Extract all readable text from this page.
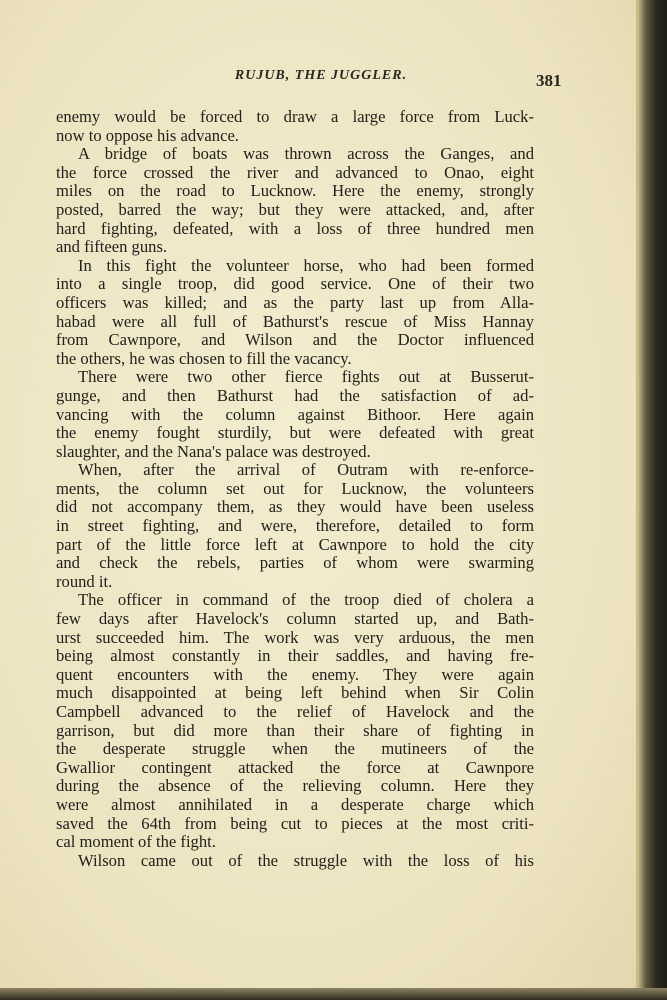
RUJUB, THE JUGGLER.	381
enemy would be forced to draw a large force from Luck-
now to oppose his advance.
A bridge of boats was thrown across the Ganges, and
the force crossed the river and advanced to Onao, eight
miles on the road to Lucknow. Here the enemy, strongly
posted, barred the way; but they were attacked, and, after
hard fighting, defeated, with a loss of three hundred men
and fifteen guns.
In this fight the volunteer horse, who had been formed
into a single troop, did good service. One of their two
officers was killed; and as the party last up from Alla-
habad were all full of Bathurst's rescue of Miss Hannay
from Cawnpore, and Wilson and the Doctor influenced
the others, he was chosen to fill the vacancy.
There were two other fierce fights out at Busserut-
gunge, and then Bathurst had the satisfaction of ad-
vancing with the column against Bithoor. Here again
the enemy fought sturdily, but were defeated with great
slaughter, and the Nana's palace was destroyed.
When, after the arrival of Outram with re-enforce-
ments, the column set out for Lucknow, the volunteers
did not accompany them, as they would have been useless
in street fighting, and were, therefore, detailed to form
part of the little force left at Cawnpore to hold the city
and check the rebels, parties of whom were swarming
round it.
The officer in command of the troop died of cholera a
few days after Havelock's column started up, and Bath-
urst succeeded him. The work was very arduous, the men
being almost constantly in their saddles, and having fre-
quent encounters with the enemy. They were again
much disappointed at being left behind when Sir Colin
Campbell advanced to the relief of Havelock and the
garrison, but did more than their share of fighting in
the desperate struggle when the mutineers of the
Gwallior contingent attacked the force at Cawnpore
during the absence of the relieving column. Here they
were almost annihilated in a desperate charge which
saved the 64th from being cut to pieces at the most criti-
cal moment of the fight.
Wilson came out of the struggle with the loss of his
